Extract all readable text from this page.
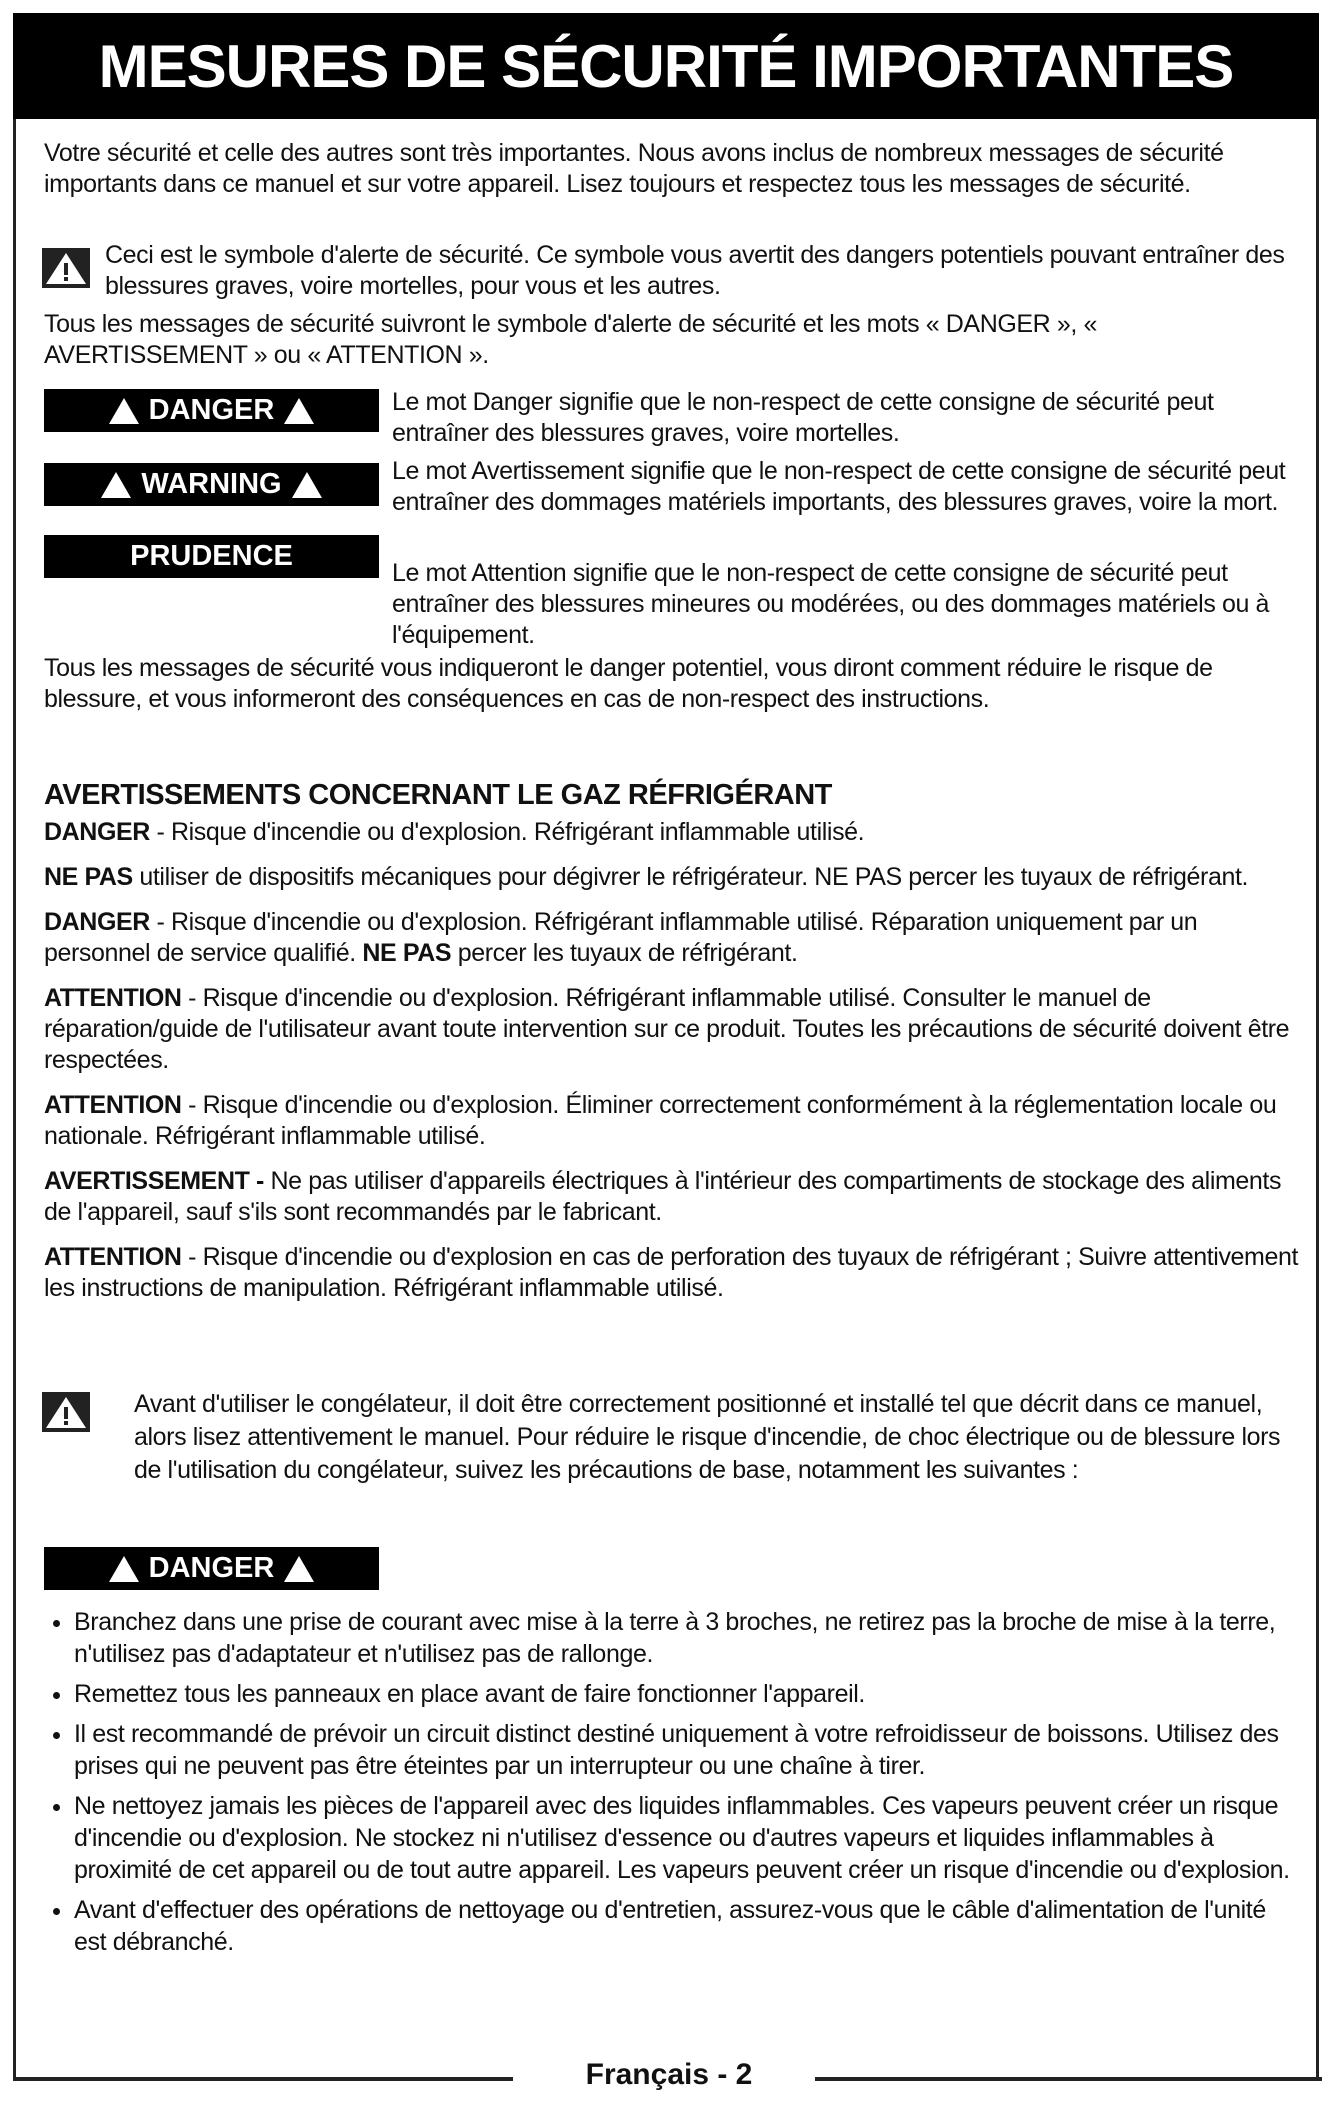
MESURES DE SÉCURITÉ IMPORTANTES

Votre sécurité et celle des autres sont très importantes. Nous avons inclus de nombreux messages de sécurité importants dans ce manuel et sur votre appareil. Lisez toujours et respectez tous les messages de sécurité.

Ceci est le symbole d'alerte de sécurité. Ce symbole vous avertit des dangers potentiels pouvant entraîner des blessures graves, voire mortelles, pour vous et les autres.

Tous les messages de sécurité suivront le symbole d'alerte de sécurité et les mots « DANGER », « AVERTISSEMENT » ou « ATTENTION ».

DANGER
WARNING
PRUDENCE

Le mot Danger signifie que le non-respect de cette consigne de sécurité peut entraîner des blessures graves, voire mortelles.

Le mot Avertissement signifie que le non-respect de cette consigne de sécurité peut entraîner des dommages matériels importants, des blessures graves, voire la mort.

Le mot Attention signifie que le non-respect de cette consigne de sécurité peut entraîner des blessures mineures ou modérées, ou des dommages matériels ou à l'équipement.

Tous les messages de sécurité vous indiqueront le danger potentiel, vous diront comment réduire le risque de blessure, et vous informeront des conséquences en cas de non-respect des instructions.

AVERTISSEMENTS CONCERNANT LE GAZ RÉFRIGÉRANT

DANGER - Risque d'incendie ou d'explosion. Réfrigérant inflammable utilisé.

NE PAS utiliser de dispositifs mécaniques pour dégivrer le réfrigérateur. NE PAS percer les tuyaux de réfrigérant.

DANGER - Risque d'incendie ou d'explosion. Réfrigérant inflammable utilisé. Réparation uniquement par un personnel de service qualifié. NE PAS percer les tuyaux de réfrigérant.

ATTENTION - Risque d'incendie ou d'explosion. Réfrigérant inflammable utilisé. Consulter le manuel de réparation/guide de l'utilisateur avant toute intervention sur ce produit. Toutes les précautions de sécurité doivent être respectées.

ATTENTION - Risque d'incendie ou d'explosion. Éliminer correctement conformément à la réglementation locale ou nationale. Réfrigérant inflammable utilisé.

AVERTISSEMENT - Ne pas utiliser d'appareils électriques à l'intérieur des compartiments de stockage des aliments de l'appareil, sauf s'ils sont recommandés par le fabricant.

ATTENTION - Risque d'incendie ou d'explosion en cas de perforation des tuyaux de réfrigérant ; Suivre attentivement les instructions de manipulation. Réfrigérant inflammable utilisé.

Avant d'utiliser le congélateur, il doit être correctement positionné et installé tel que décrit dans ce manuel, alors lisez attentivement le manuel. Pour réduire le risque d'incendie, de choc électrique ou de blessure lors de l'utilisation du congélateur, suivez les précautions de base, notamment les suivantes :

DANGER
• Branchez dans une prise de courant avec mise à la terre à 3 broches, ne retirez pas la broche de mise à la terre, n'utilisez pas d'adaptateur et n'utilisez pas de rallonge.
• Remettez tous les panneaux en place avant de faire fonctionner l'appareil.
• Il est recommandé de prévoir un circuit distinct destiné uniquement à votre refroidisseur de boissons. Utilisez des prises qui ne peuvent pas être éteintes par un interrupteur ou une chaîne à tirer.
• Ne nettoyez jamais les pièces de l'appareil avec des liquides inflammables. Ces vapeurs peuvent créer un risque d'incendie ou d'explosion. Ne stockez ni n'utilisez d'essence ou d'autres vapeurs et liquides inflammables à proximité de cet appareil ou de tout autre appareil. Les vapeurs peuvent créer un risque d'incendie ou d'explosion.
• Avant d'effectuer des opérations de nettoyage ou d'entretien, assurez-vous que le câble d'alimentation de l'unité est débranché.
Français - 2
